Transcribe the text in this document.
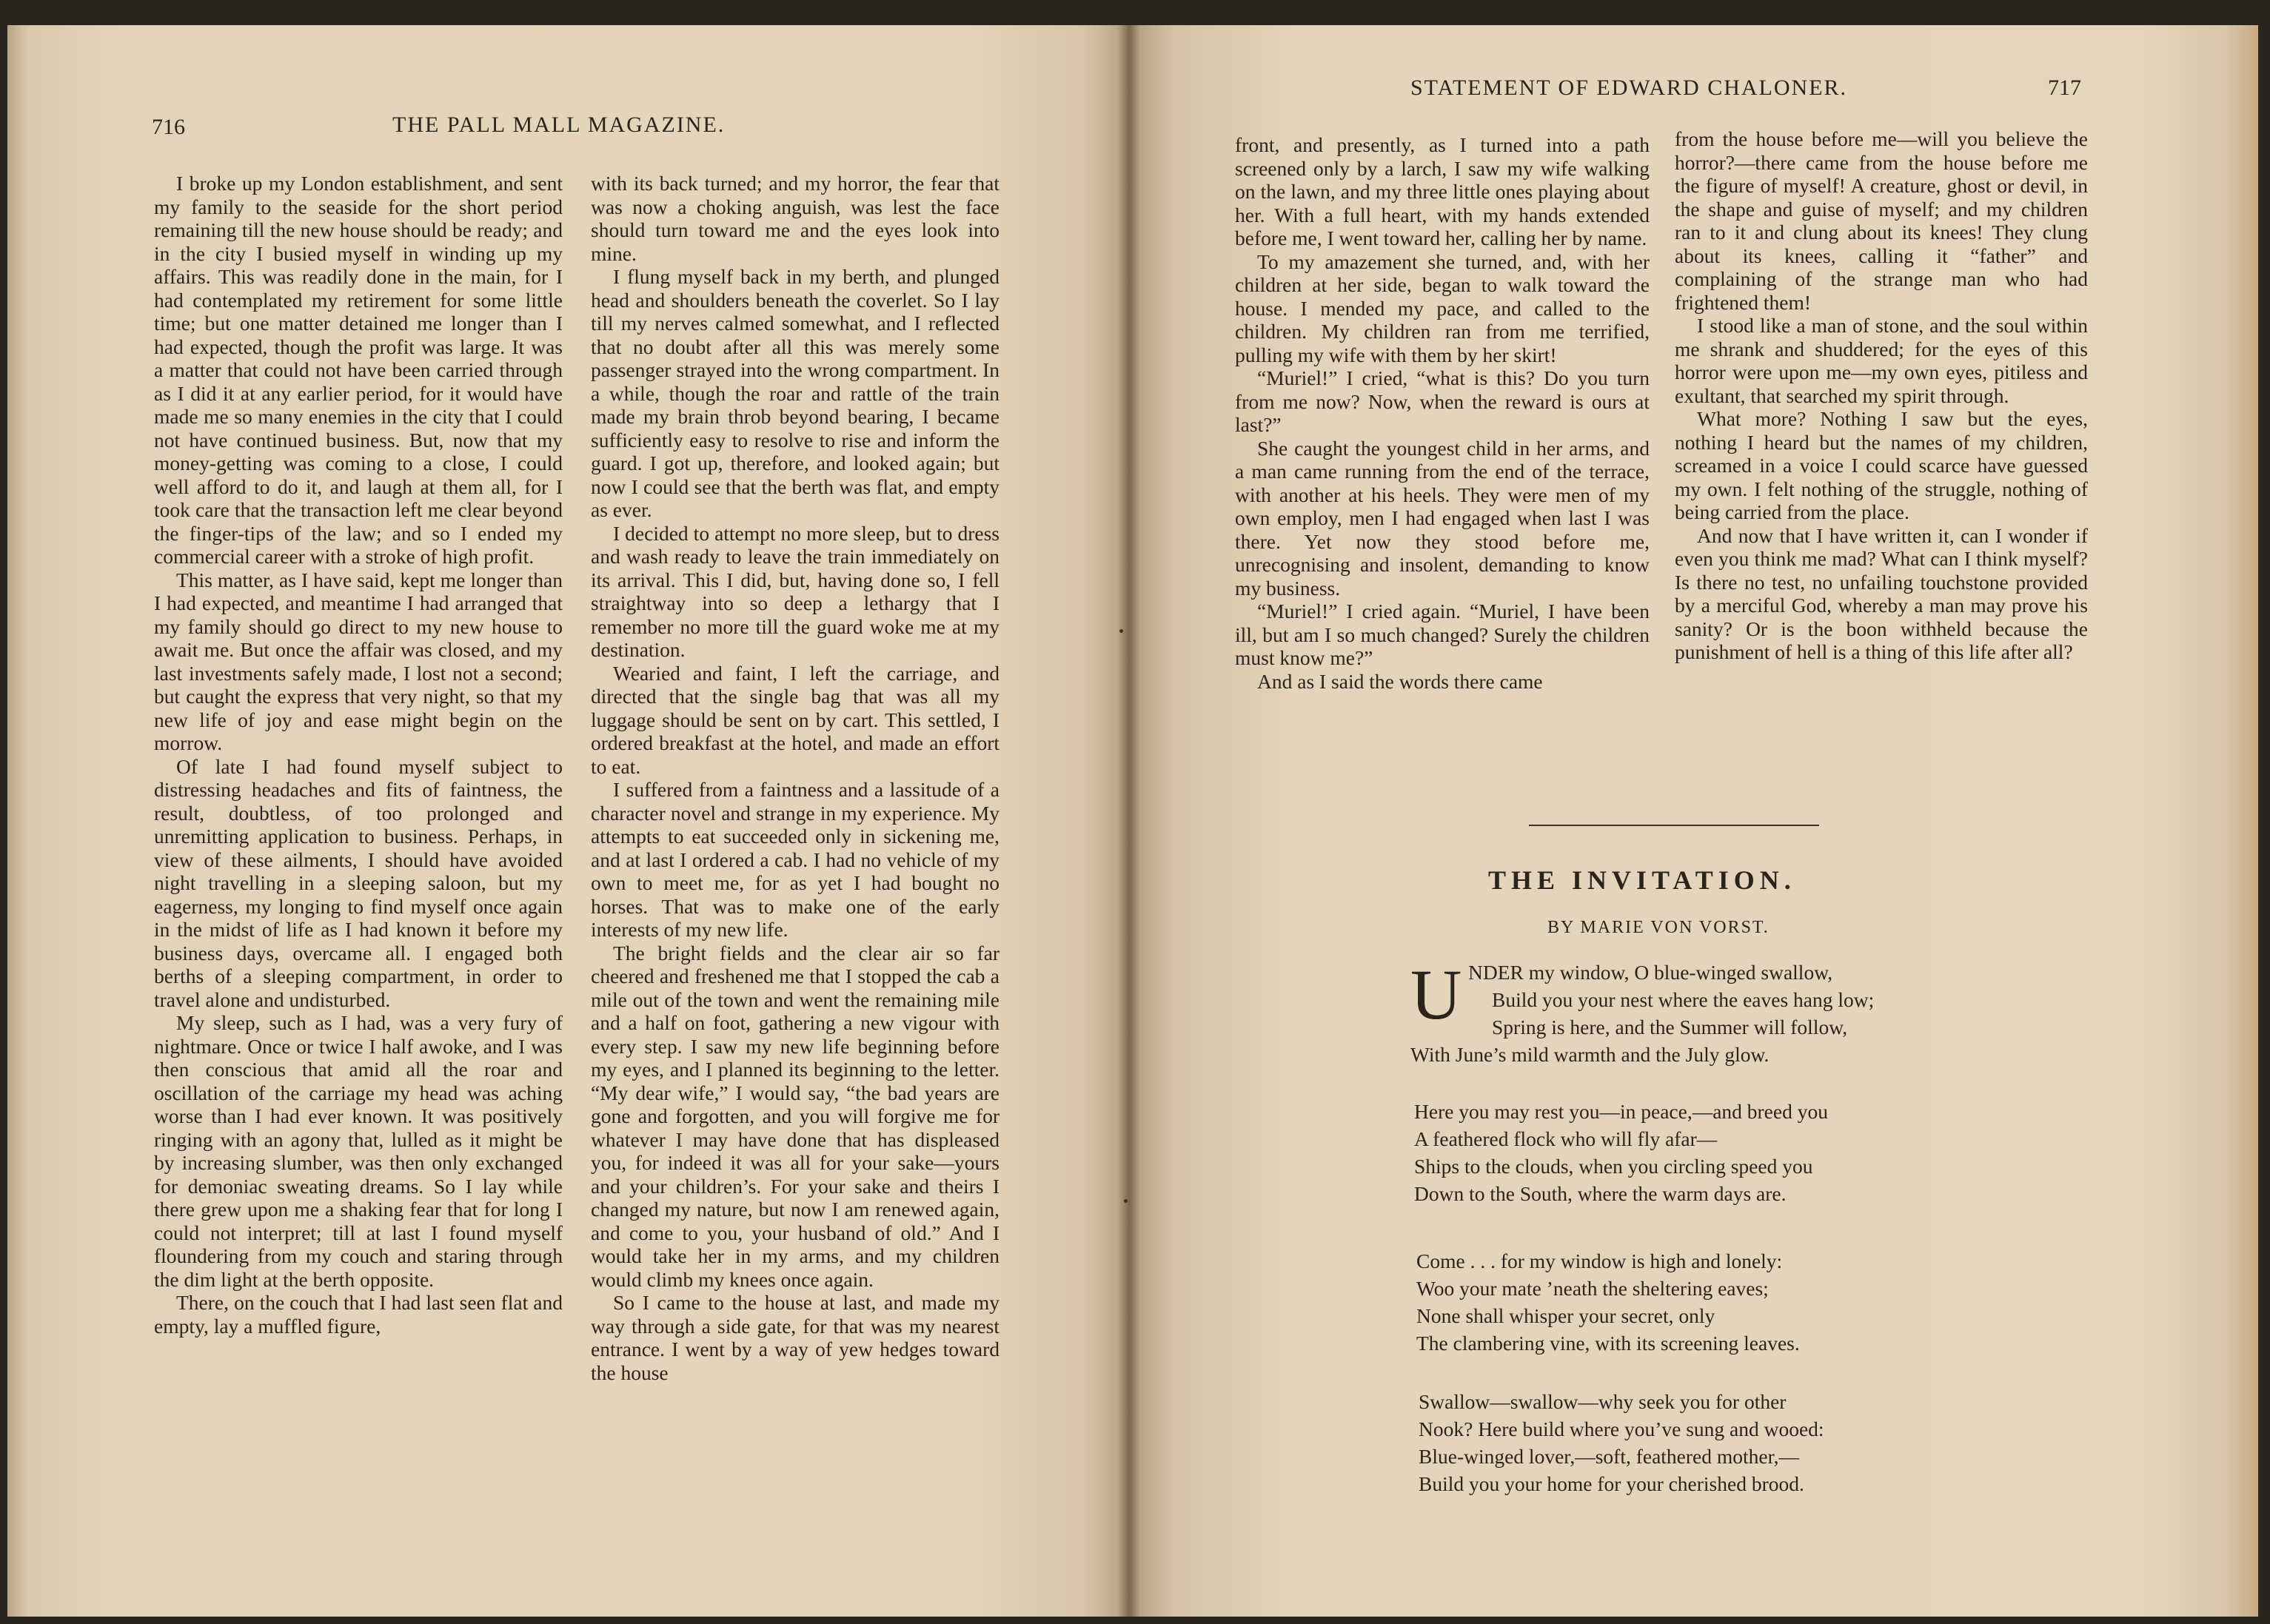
716	THE PALL MALL MAGAZINE.

I broke up my London establishment, and sent my family to the seaside for the short period remaining till the new house should be ready; and in the city I busied myself in winding up my affairs. This was readily done in the main, for I had contemplated my retirement for some little time; but one matter detained me longer than I had expected, though the profit was large. It was a matter that could not have been carried through as I did it at any earlier period, for it would have made me so many enemies in the city that I could not have continued business. But, now that my money-getting was coming to a close, I could well afford to do it, and laugh at them all, for I took care that the transaction left me clear beyond the finger-tips of the law; and so I ended my commercial career with a stroke of high profit.

This matter, as I have said, kept me longer than I had expected, and meantime I had arranged that my family should go direct to my new house to await me. But once the affair was closed, and my last investments safely made, I lost not a second; but caught the express that very night, so that my new life of joy and ease might begin on the morrow.

Of late I had found myself subject to distressing headaches and fits of faintness, the result, doubtless, of too prolonged and unremitting application to business. Perhaps, in view of these ailments, I should have avoided night travelling in a sleeping saloon, but my eagerness, my longing to find myself once again in the midst of life as I had known it before my business days, overcame all. I engaged both berths of a sleeping compartment, in order to travel alone and undisturbed.

My sleep, such as I had, was a very fury of nightmare. Once or twice I half awoke, and I was then conscious that amid all the roar and oscillation of the carriage my head was aching worse than I had ever known. It was positively ringing with an agony that, lulled as it might be by increasing slumber, was then only exchanged for demoniac sweating dreams. So I lay while there grew upon me a shaking fear that for long I could not interpret; till at last I found myself floundering from my couch and staring through the dim light at the berth opposite.

There, on the couch that I had last seen flat and empty, lay a muffled figure,

with its back turned; and my horror, the fear that was now a choking anguish, was lest the face should turn toward me and the eyes look into mine.

I flung myself back in my berth, and plunged head and shoulders beneath the coverlet. So I lay till my nerves calmed somewhat, and I reflected that no doubt after all this was merely some passenger strayed into the wrong compartment. In a while, though the roar and rattle of the train made my brain throb beyond bearing, I became sufficiently easy to resolve to rise and inform the guard. I got up, therefore, and looked again; but now I could see that the berth was flat, and empty as ever.

I decided to attempt no more sleep, but to dress and wash ready to leave the train immediately on its arrival. This I did, but, having done so, I fell straightway into so deep a lethargy that I remember no more till the guard woke me at my destination.

Wearied and faint, I left the carriage, and directed that the single bag that was all my luggage should be sent on by cart. This settled, I ordered breakfast at the hotel, and made an effort to eat.

I suffered from a faintness and a lassitude of a character novel and strange in my experience. My attempts to eat succeeded only in sickening me, and at last I ordered a cab. I had no vehicle of my own to meet me, for as yet I had bought no horses. That was to make one of the early interests of my new life.

The bright fields and the clear air so far cheered and freshened me that I stopped the cab a mile out of the town and went the remaining mile and a half on foot, gathering a new vigour with every step. I saw my new life beginning before my eyes, and I planned its beginning to the letter. “My dear wife,” I would say, “the bad years are gone and forgotten, and you will forgive me for whatever I may have done that has displeased you, for indeed it was all for your sake—yours and your children’s. For your sake and theirs I changed my nature, but now I am renewed again, and come to you, your husband of old.” And I would take her in my arms, and my children would climb my knees once again.

So I came to the house at last, and made my way through a side gate, for that was my nearest entrance. I went by a way of yew hedges toward the house

STATEMENT OF EDWARD CHALONER.	717

front, and presently, as I turned into a path screened only by a larch, I saw my wife walking on the lawn, and my three little ones playing about her. With a full heart, with my hands extended before me, I went toward her, calling her by name.

To my amazement she turned, and, with her children at her side, began to walk toward the house. I mended my pace, and called to the children. My children ran from me terrified, pulling my wife with them by her skirt!

“Muriel!” I cried, “what is this? Do you turn from me now? Now, when the reward is ours at last?”

She caught the youngest child in her arms, and a man came running from the end of the terrace, with another at his heels. They were men of my own employ, men I had engaged when last I was there. Yet now they stood before me, unrecognising and insolent, demanding to know my business.

“Muriel!” I cried again. “Muriel, I have been ill, but am I so much changed? Surely the children must know me?”

And as I said the words there came

from the house before me—will you believe the horror?—there came from the house before me the figure of myself! A creature, ghost or devil, in the shape and guise of myself; and my children ran to it and clung about its knees! They clung about its knees, calling it “father” and complaining of the strange man who had frightened them!

I stood like a man of stone, and the soul within me shrank and shuddered; for the eyes of this horror were upon me—my own eyes, pitiless and exultant, that searched my spirit through.

What more? Nothing I saw but the eyes, nothing I heard but the names of my children, screamed in a voice I could scarce have guessed my own. I felt nothing of the struggle, nothing of being carried from the place.

And now that I have written it, can I wonder if even you think me mad? What can I think myself? Is there no test, no unfailing touchstone provided by a merciful God, whereby a man may prove his sanity? Or is the boon withheld because the punishment of hell is a thing of this life after all?

THE INVITATION.
BY MARIE VON VORST.
U NDER my window, O blue-winged swallow,
Build you your nest where the eaves hang low;
Spring is here, and the Summer will follow,
With June’s mild warmth and the July glow.
Here you may rest you—in peace,—and breed you
A feathered flock who will fly afar—
Ships to the clouds, when you circling speed you
Down to the South, where the warm days are.
Come . . . for my window is high and lonely:
Woo your mate ’neath the sheltering eaves;
None shall whisper your secret, only
The clambering vine, with its screening leaves.
Swallow—swallow—why seek you for other
Nook? Here build where you’ve sung and wooed:
Blue-winged lover,—soft, feathered mother,—
Build you your home for your cherished brood.
